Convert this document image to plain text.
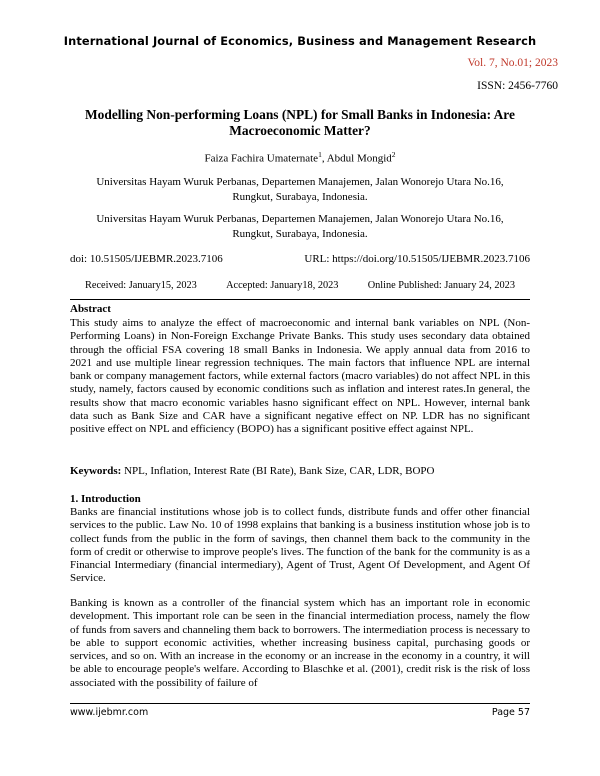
International Journal of Economics, Business and Management Research
Vol. 7, No.01; 2023
ISSN: 2456-7760
Modelling Non-performing Loans (NPL) for Small Banks in Indonesia: Are
Macroeconomic Matter?
Faiza Fachira Umaternate$^1$, Abdul Mongid$^2$
Universitas Hayam Wuruk Perbanas, Departemen Manajemen, Jalan Wonorejo Utara No.16,
Rungkut, Surabaya, Indonesia.
Universitas Hayam Wuruk Perbanas, Departemen Manajemen, Jalan Wonorejo Utara No.16,
Rungkut, Surabaya, Indonesia.
doi: 10.51505/IJEBMR.2023.7106	URL: https://doi.org/10.51505/IJEBMR.2023.7106
Received: January15, 2023	Accepted: January18, 2023	Online Published: January 24, 2023
Abstract
This study aims to analyze the effect of macroeconomic and internal bank variables on NPL (Non-Performing Loans) in Non-Foreign Exchange Private Banks. This study uses secondary data obtained through the official FSA covering 18 small Banks in Indonesia. We apply annual data from 2016 to 2021 and use multiple linear regression techniques. The main factors that influence NPL are internal bank or company management factors, while external factors (macro variables) do not affect NPL in this study, namely, factors caused by economic conditions such as inflation and interest rates.In general, the results show that macro economic variables hasno significant effect on NPL. However, internal bank data such as Bank Size and CAR have a significant negative effect on NP. LDR has no significant positive effect on NPL and efficiency (BOPO) has a significant positive effect against NPL.
Keywords: NPL, Inflation, Interest Rate (BI Rate), Bank Size, CAR, LDR, BOPO
1. Introduction
Banks are financial institutions whose job is to collect funds, distribute funds and offer other financial services to the public. Law No. 10 of 1998 explains that banking is a business institution whose job is to collect funds from the public in the form of savings, then channel them back to the community in the form of credit or otherwise to improve people's lives. The function of the bank for the community is as a Financial Intermediary (financial intermediary), Agent of Trust, Agent Of Development, and Agent Of Service.
Banking is known as a controller of the financial system which has an important role in economic development. This important role can be seen in the financial intermediation process, namely the flow of funds from savers and channeling them back to borrowers. The intermediation process is necessary to be able to support economic activities, whether increasing business capital, purchasing goods or services, and so on. With an increase in the economy or an increase in the economy in a country, it will be able to encourage people's welfare. According to Blaschke et al. (2001), credit risk is the risk of loss associated with the possibility of failure of
www.ijebmr.com	Page 57
